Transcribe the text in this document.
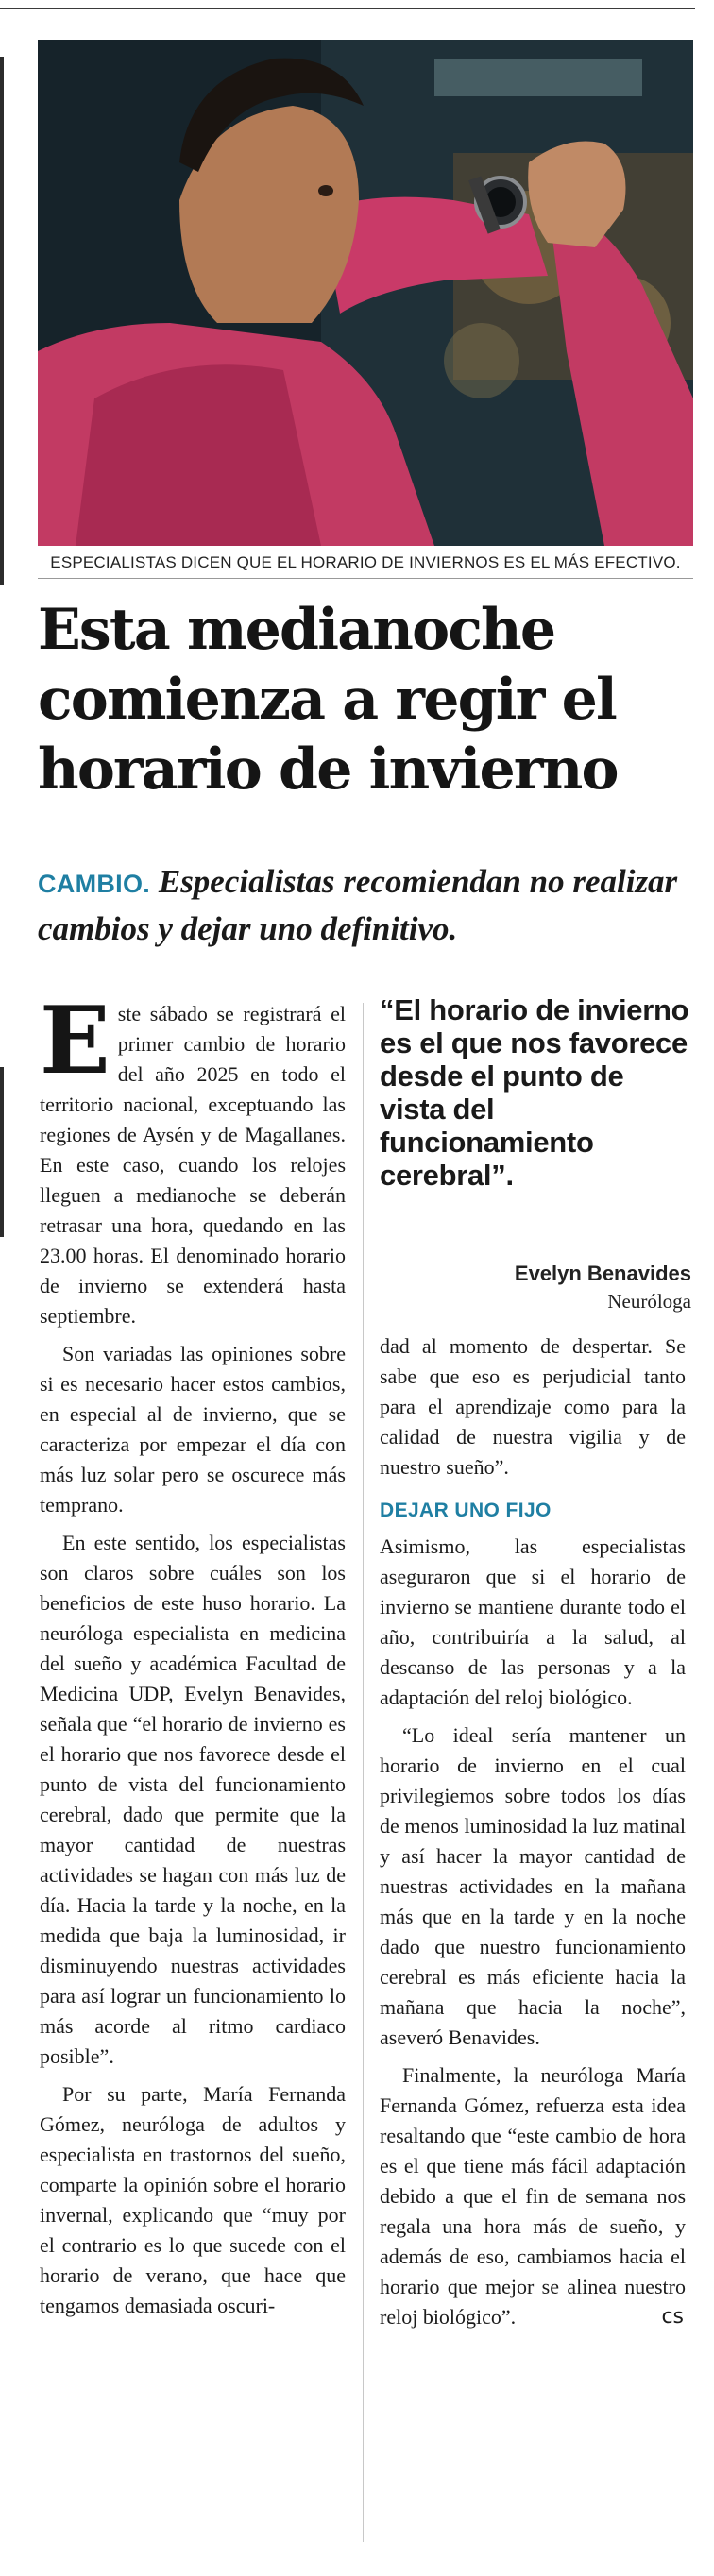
ESPECIALISTAS DICEN QUE EL HORARIO DE INVIERNOS ES EL MÁS EFECTIVO.
Esta medianoche comienza a regir el horario de invierno

CAMBIO. Especialistas recomiendan no realizar cambios y dejar uno definitivo.

Este sábado se registrará el primer cambio de horario del año 2025 en todo el territorio nacional, exceptuando las regiones de Aysén y de Magallanes. En este caso, cuando los relojes lleguen a medianoche se deberán retrasar una hora, quedando en las 23.00 horas. El denominado horario de invierno se extenderá hasta septiembre.

Son variadas las opiniones sobre si es necesario hacer estos cambios, en especial al de invierno, que se caracteriza por empezar el día con más luz solar pero se oscurece más temprano.

En este sentido, los especialistas son claros sobre cuáles son los beneficios de este huso horario. La neuróloga especialista en medicina del sueño y académica Facultad de Medicina UDP, Evelyn Benavides, señala que “el horario de invierno es el horario que nos favorece desde el punto de vista del funcionamiento cerebral, dado que permite que la mayor cantidad de nuestras actividades se hagan con más luz de día. Hacia la tarde y la noche, en la medida que baja la luminosidad, ir disminuyendo nuestras actividades para así lograr un funcionamiento lo más acorde al ritmo cardiaco posible”.

Por su parte, María Fernanda Gómez, neuróloga de adultos y especialista en trastornos del sueño, comparte la opinión sobre el horario invernal, explicando que “muy por el contrario es lo que sucede con el horario de verano, que hace que tengamos demasiada oscuri-

“El horario de invierno es el que nos favorece desde el punto de vista del funcionamiento cerebral”.
Evelyn Benavides
Neuróloga

dad al momento de despertar. Se sabe que eso es perjudicial tanto para el aprendizaje como para la calidad de nuestra vigilia y de nuestro sueño”.

DEJAR UNO FIJO

Asimismo, las especialistas aseguraron que si el horario de invierno se mantiene durante todo el año, contribuiría a la salud, al descanso de las personas y a la adaptación del reloj biológico.

“Lo ideal sería mantener un horario de invierno en el cual privilegiemos sobre todos los días de menos luminosidad la luz matinal y así hacer la mayor cantidad de nuestras actividades en la mañana más que en la tarde y en la noche dado que nuestro funcionamiento cerebral es más eficiente hacia la mañana que hacia la noche”, aseveró Benavides.

Finalmente, la neuróloga María Fernanda Gómez, refuerza esta idea resaltando que “este cambio de hora es el que tiene más fácil adaptación debido a que el fin de semana nos regala una hora más de sueño, y además de eso, cambiamos hacia el horario que mejor se alinea nuestro reloj biológico”.	ᴄꜱ
